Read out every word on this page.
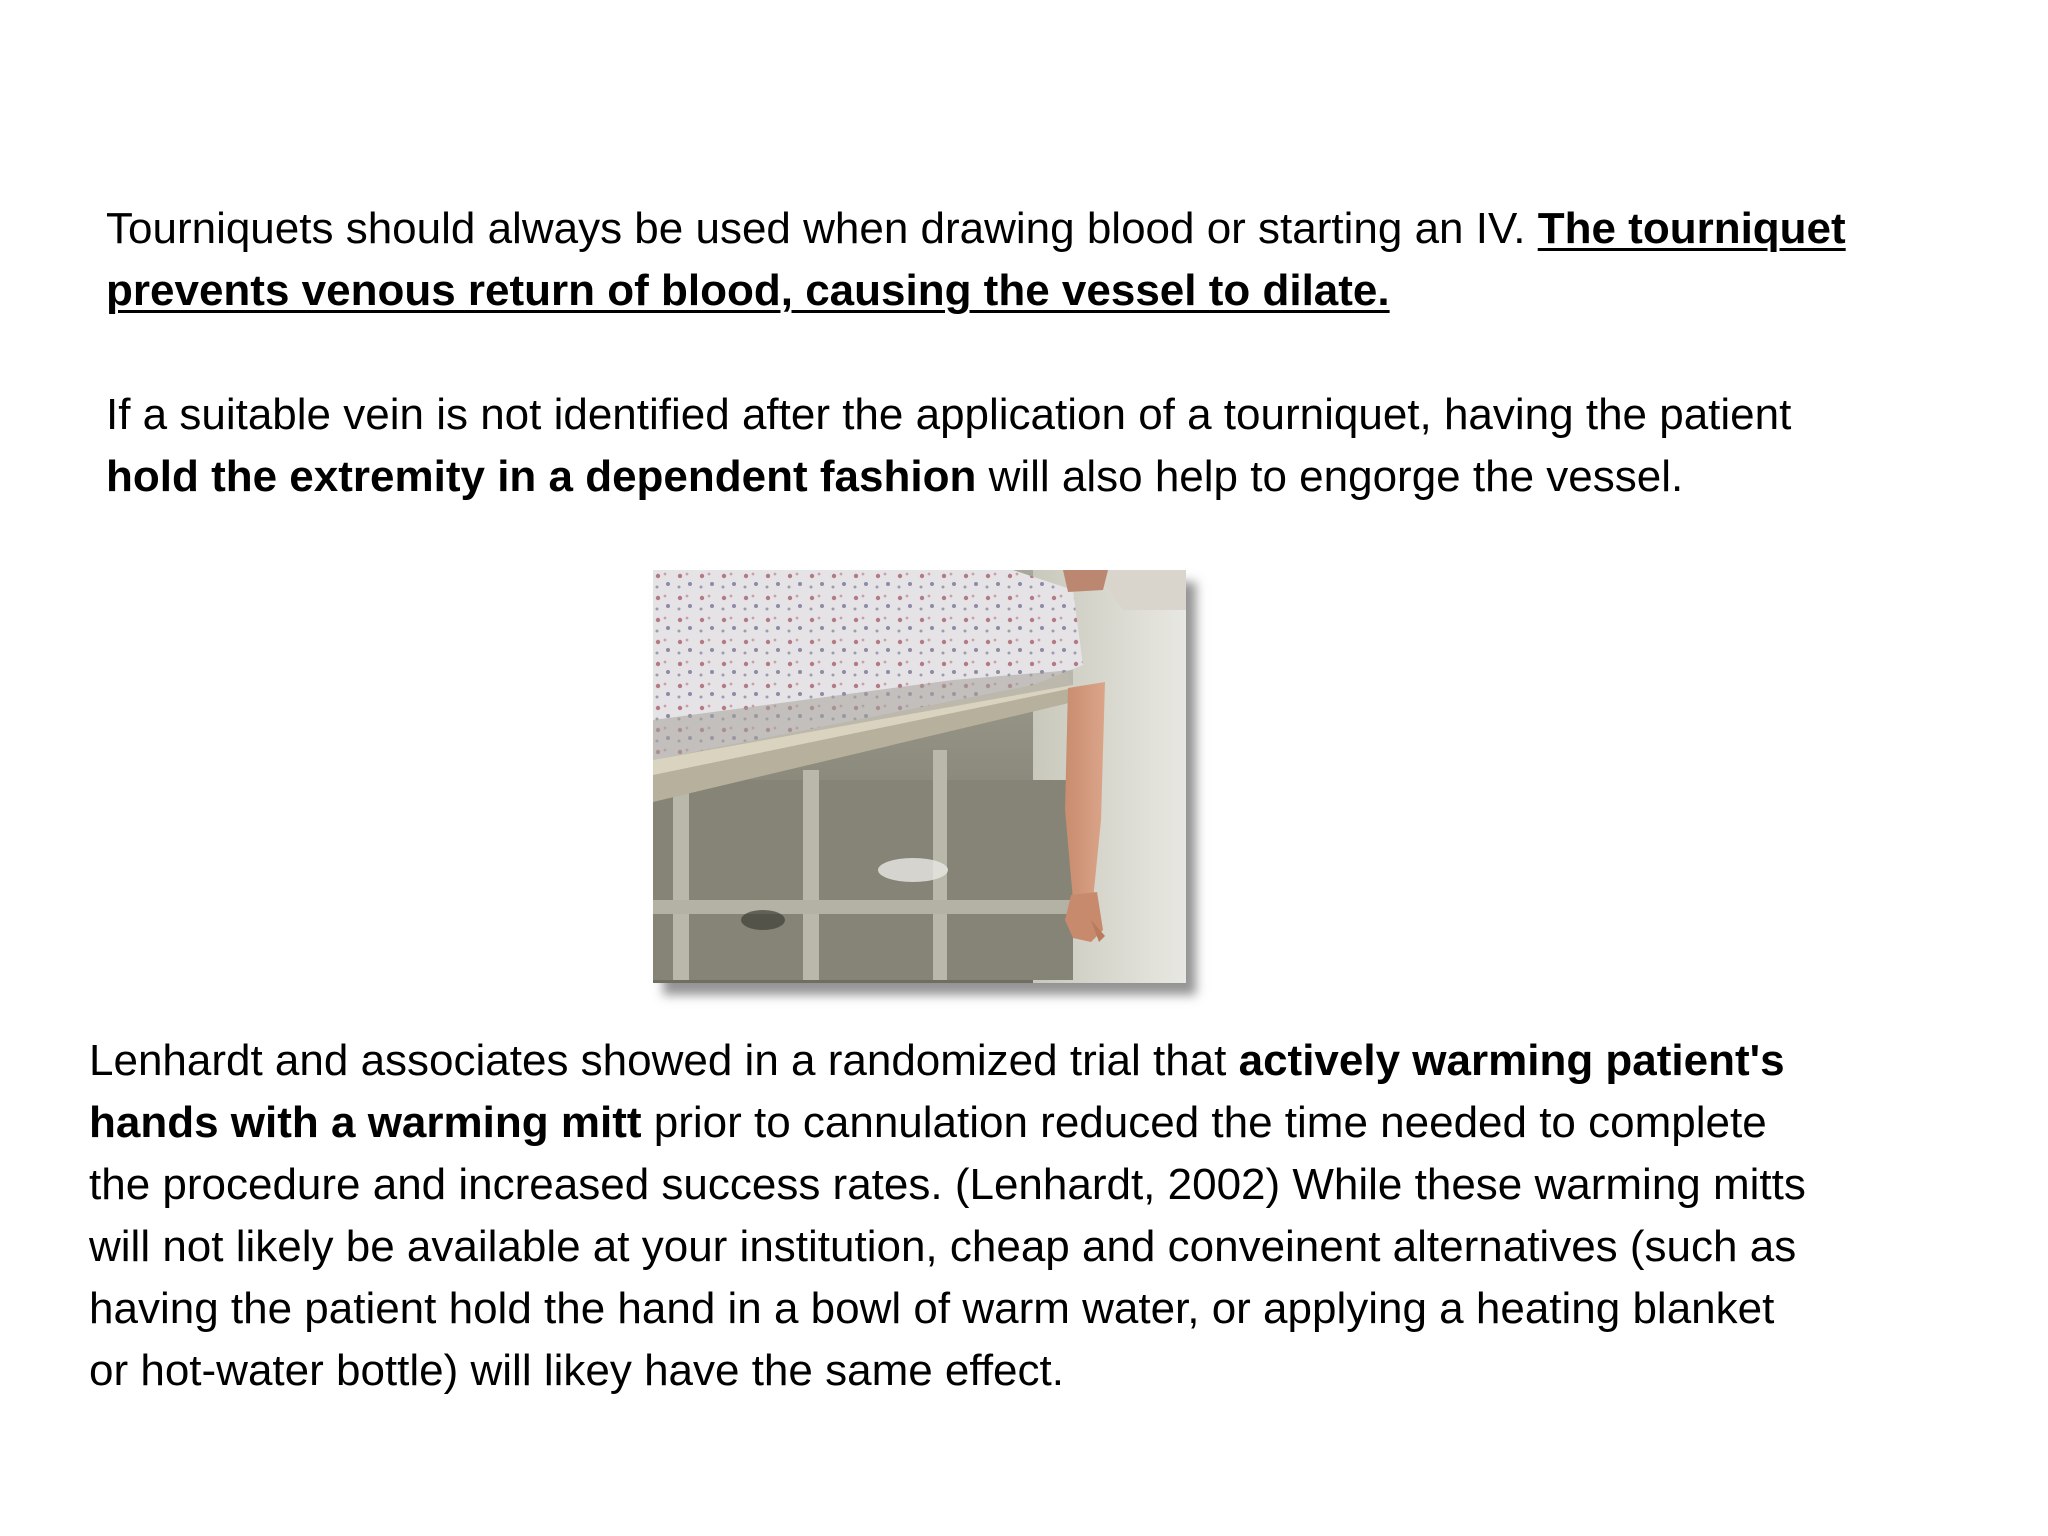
Tourniquets should always be used when drawing blood or starting an IV. The tourniquet
prevents venous return of blood, causing the vessel to dilate.
If a suitable vein is not identified after the application of a tourniquet, having the patient
hold the extremity in a dependent fashion will also help to engorge the vessel.
Lenhardt and associates showed in a randomized trial that actively warming patient's
hands with a warming mitt prior to cannulation reduced the time needed to complete
the procedure and increased success rates. (Lenhardt, 2002) While these warming mitts
will not likely be available at your institution, cheap and conveinent alternatives (such as
having the patient hold the hand in a bowl of warm water, or applying a heating blanket
or hot-water bottle) will likey have the same effect.
